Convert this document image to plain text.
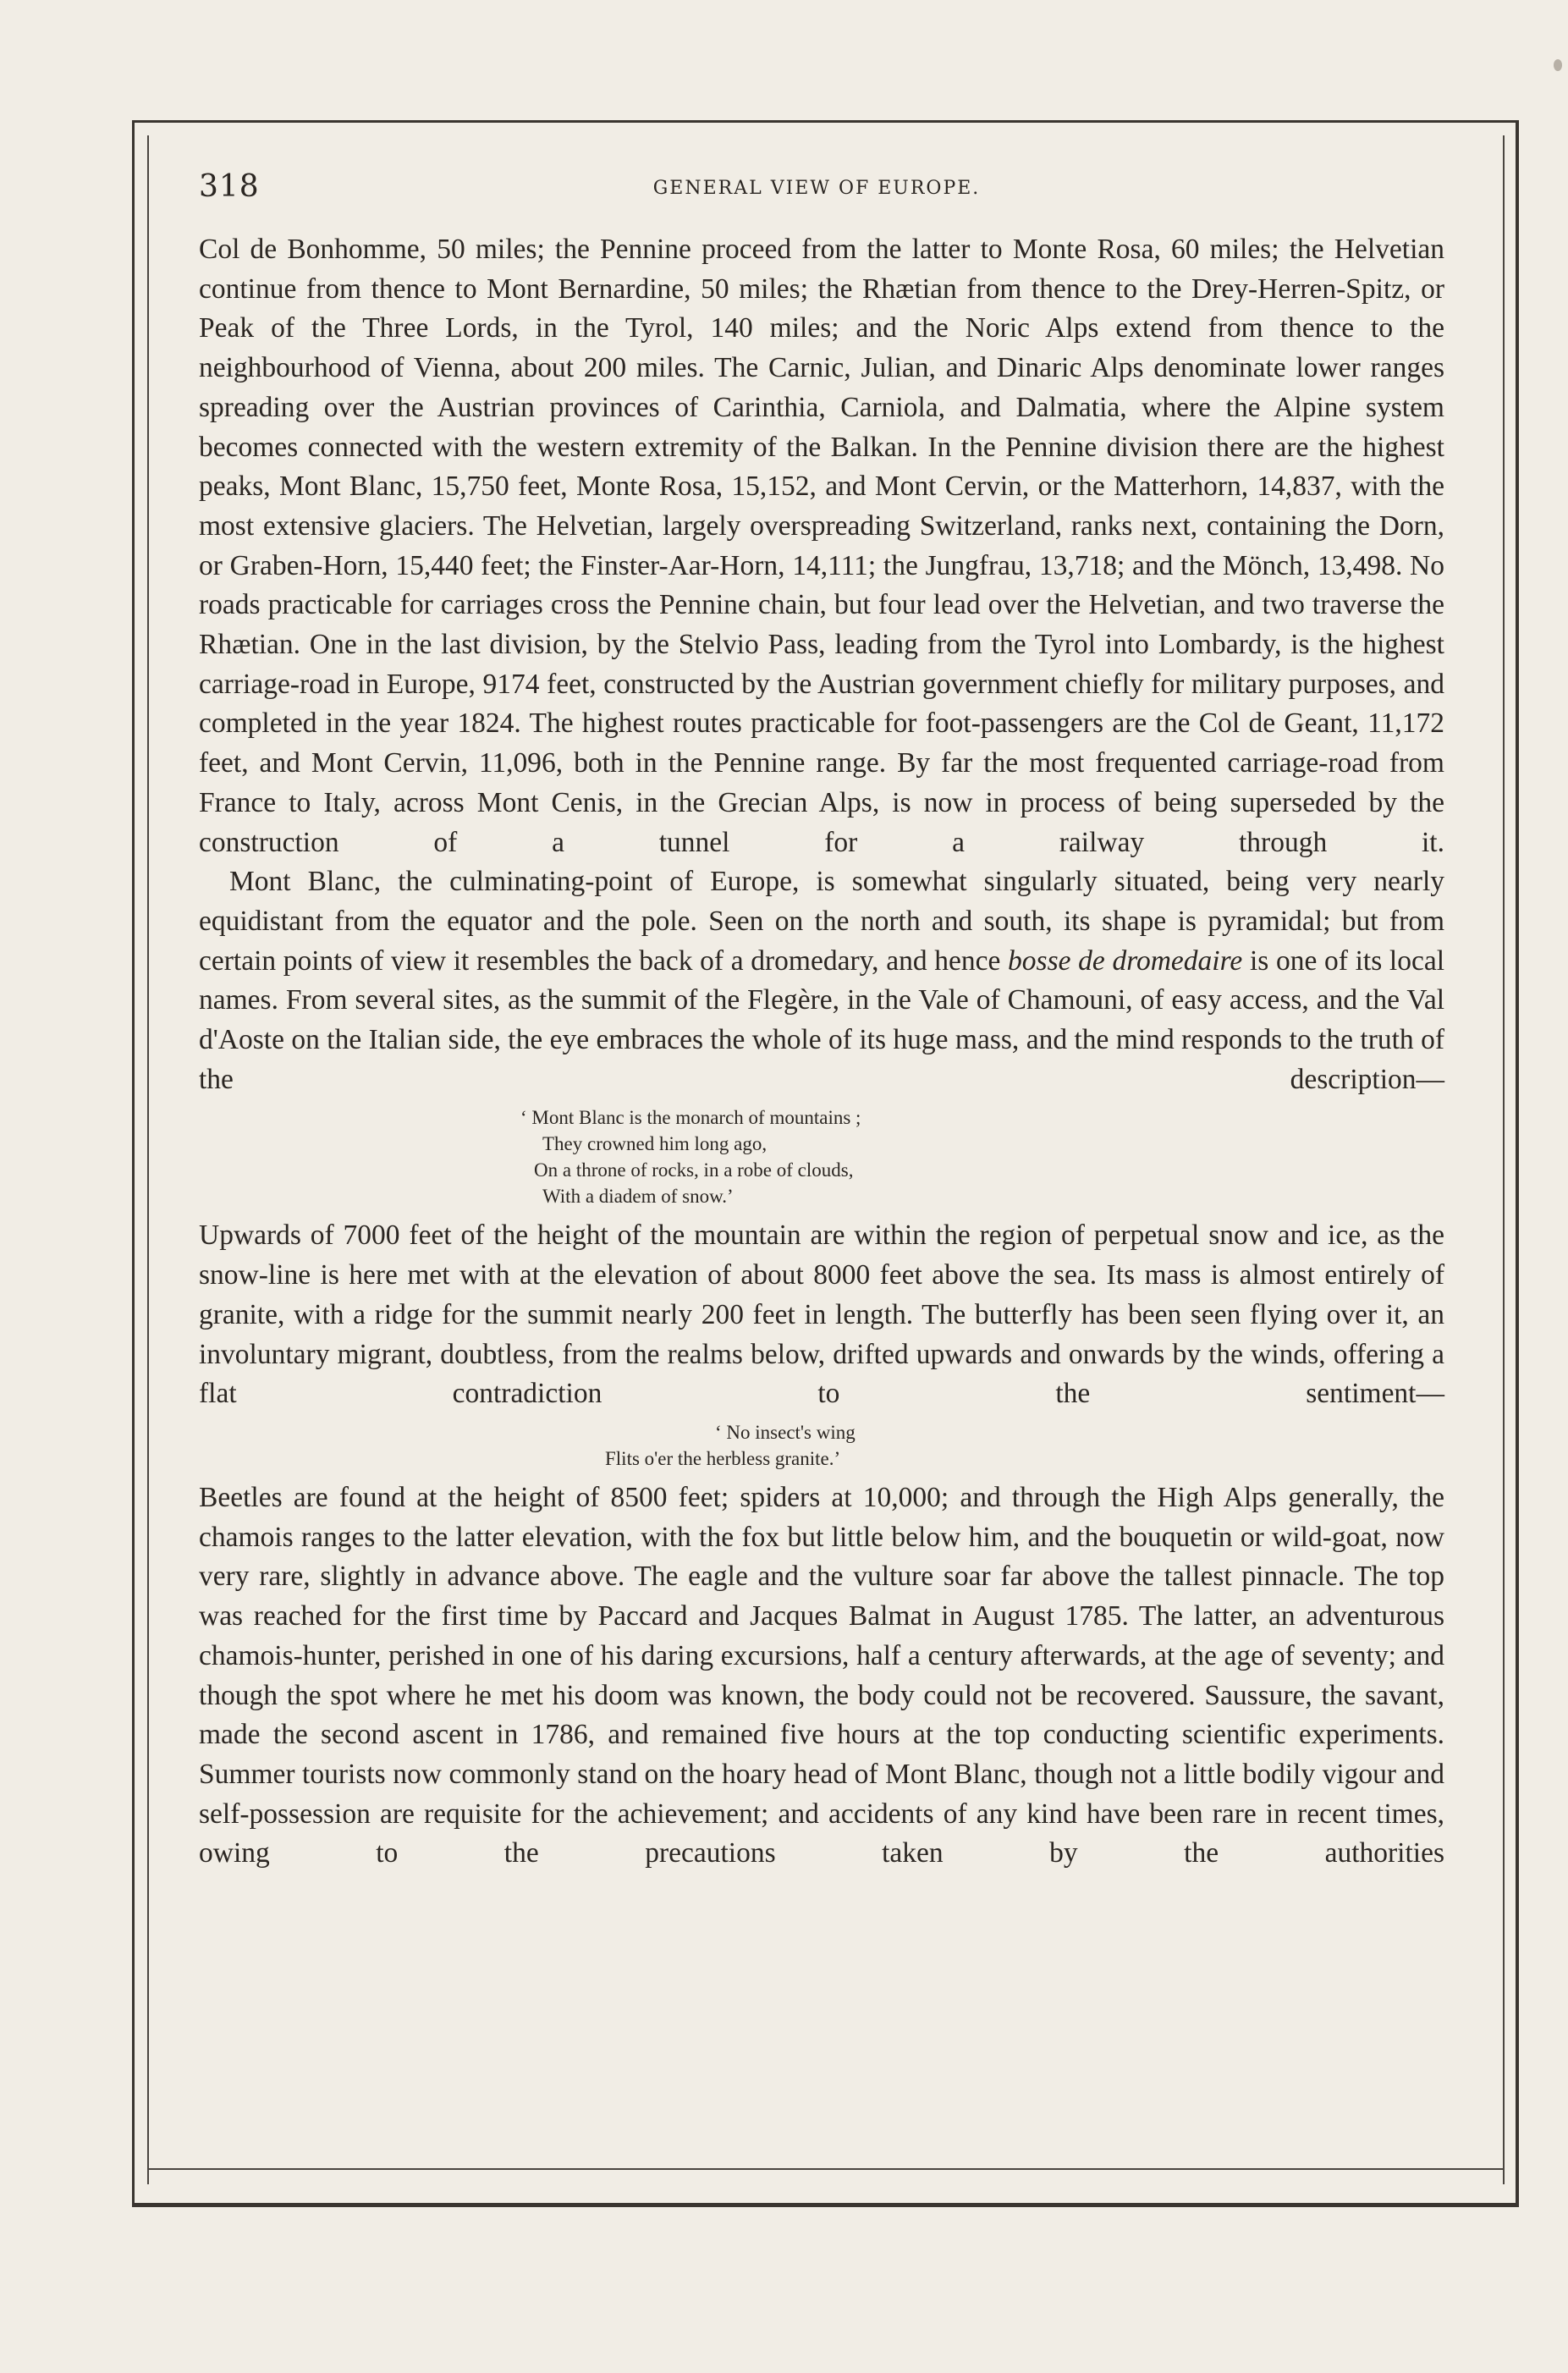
318	GENERAL VIEW OF EUROPE.

Col de Bonhomme, 50 miles; the Pennine proceed from the latter to Monte Rosa, 60 miles; the Helvetian continue from thence to Mont Bernardine, 50 miles; the Rhætian from thence to the Drey-Herren-Spitz, or Peak of the Three Lords, in the Tyrol, 140 miles; and the Noric Alps extend from thence to the neighbourhood of Vienna, about 200 miles. The Carnic, Julian, and Dinaric Alps denominate lower ranges spreading over the Austrian provinces of Carinthia, Carniola, and Dalmatia, where the Alpine system becomes connected with the western extremity of the Balkan. In the Pennine division there are the highest peaks, Mont Blanc, 15,750 feet, Monte Rosa, 15,152, and Mont Cervin, or the Matterhorn, 14,837, with the most extensive glaciers. The Helvetian, largely overspreading Switzerland, ranks next, containing the Dorn, or Graben-Horn, 15,440 feet; the Finster-Aar-Horn, 14,111; the Jungfrau, 13,718; and the Mönch, 13,498. No roads practicable for carriages cross the Pennine chain, but four lead over the Helvetian, and two traverse the Rhætian. One in the last division, by the Stelvio Pass, leading from the Tyrol into Lombardy, is the highest carriage-road in Europe, 9174 feet, constructed by the Austrian government chiefly for military purposes, and completed in the year 1824. The highest routes practicable for foot-passengers are the Col de Geant, 11,172 feet, and Mont Cervin, 11,096, both in the Pennine range. By far the most frequented carriage-road from France to Italy, across Mont Cenis, in the Grecian Alps, is now in process of being superseded by the construction of a tunnel for a railway through it.

Mont Blanc, the culminating-point of Europe, is somewhat singularly situated, being very nearly equidistant from the equator and the pole. Seen on the north and south, its shape is pyramidal; but from certain points of view it resembles the back of a dromedary, and hence bosse de dromedaire is one of its local names. From several sites, as the summit of the Flegère, in the Vale of Chamouni, of easy access, and the Val d'Aoste on the Italian side, the eye embraces the whole of its huge mass, and the mind responds to the truth of the description—

‘ Mont Blanc is the monarch of mountains ;
They crowned him long ago,
On a throne of rocks, in a robe of clouds,
With a diadem of snow.’

Upwards of 7000 feet of the height of the mountain are within the region of perpetual snow and ice, as the snow-line is here met with at the elevation of about 8000 feet above the sea. Its mass is almost entirely of granite, with a ridge for the summit nearly 200 feet in length. The butterfly has been seen flying over it, an involuntary migrant, doubtless, from the realms below, drifted upwards and onwards by the winds, offering a flat contradiction to the sentiment—

‘ No insect's wing
Flits o'er the herbless granite.’

Beetles are found at the height of 8500 feet; spiders at 10,000; and through the High Alps generally, the chamois ranges to the latter elevation, with the fox but little below him, and the bouquetin or wild-goat, now very rare, slightly in advance above. The eagle and the vulture soar far above the tallest pinnacle. The top was reached for the first time by Paccard and Jacques Balmat in August 1785. The latter, an adventurous chamois-hunter, perished in one of his daring excursions, half a century afterwards, at the age of seventy; and though the spot where he met his doom was known, the body could not be recovered. Saussure, the savant, made the second ascent in 1786, and remained five hours at the top conducting scientific experiments. Summer tourists now commonly stand on the hoary head of Mont Blanc, though not a little bodily vigour and self-possession are requisite for the achievement; and accidents of any kind have been rare in recent times, owing to the precautions taken by the authorities
